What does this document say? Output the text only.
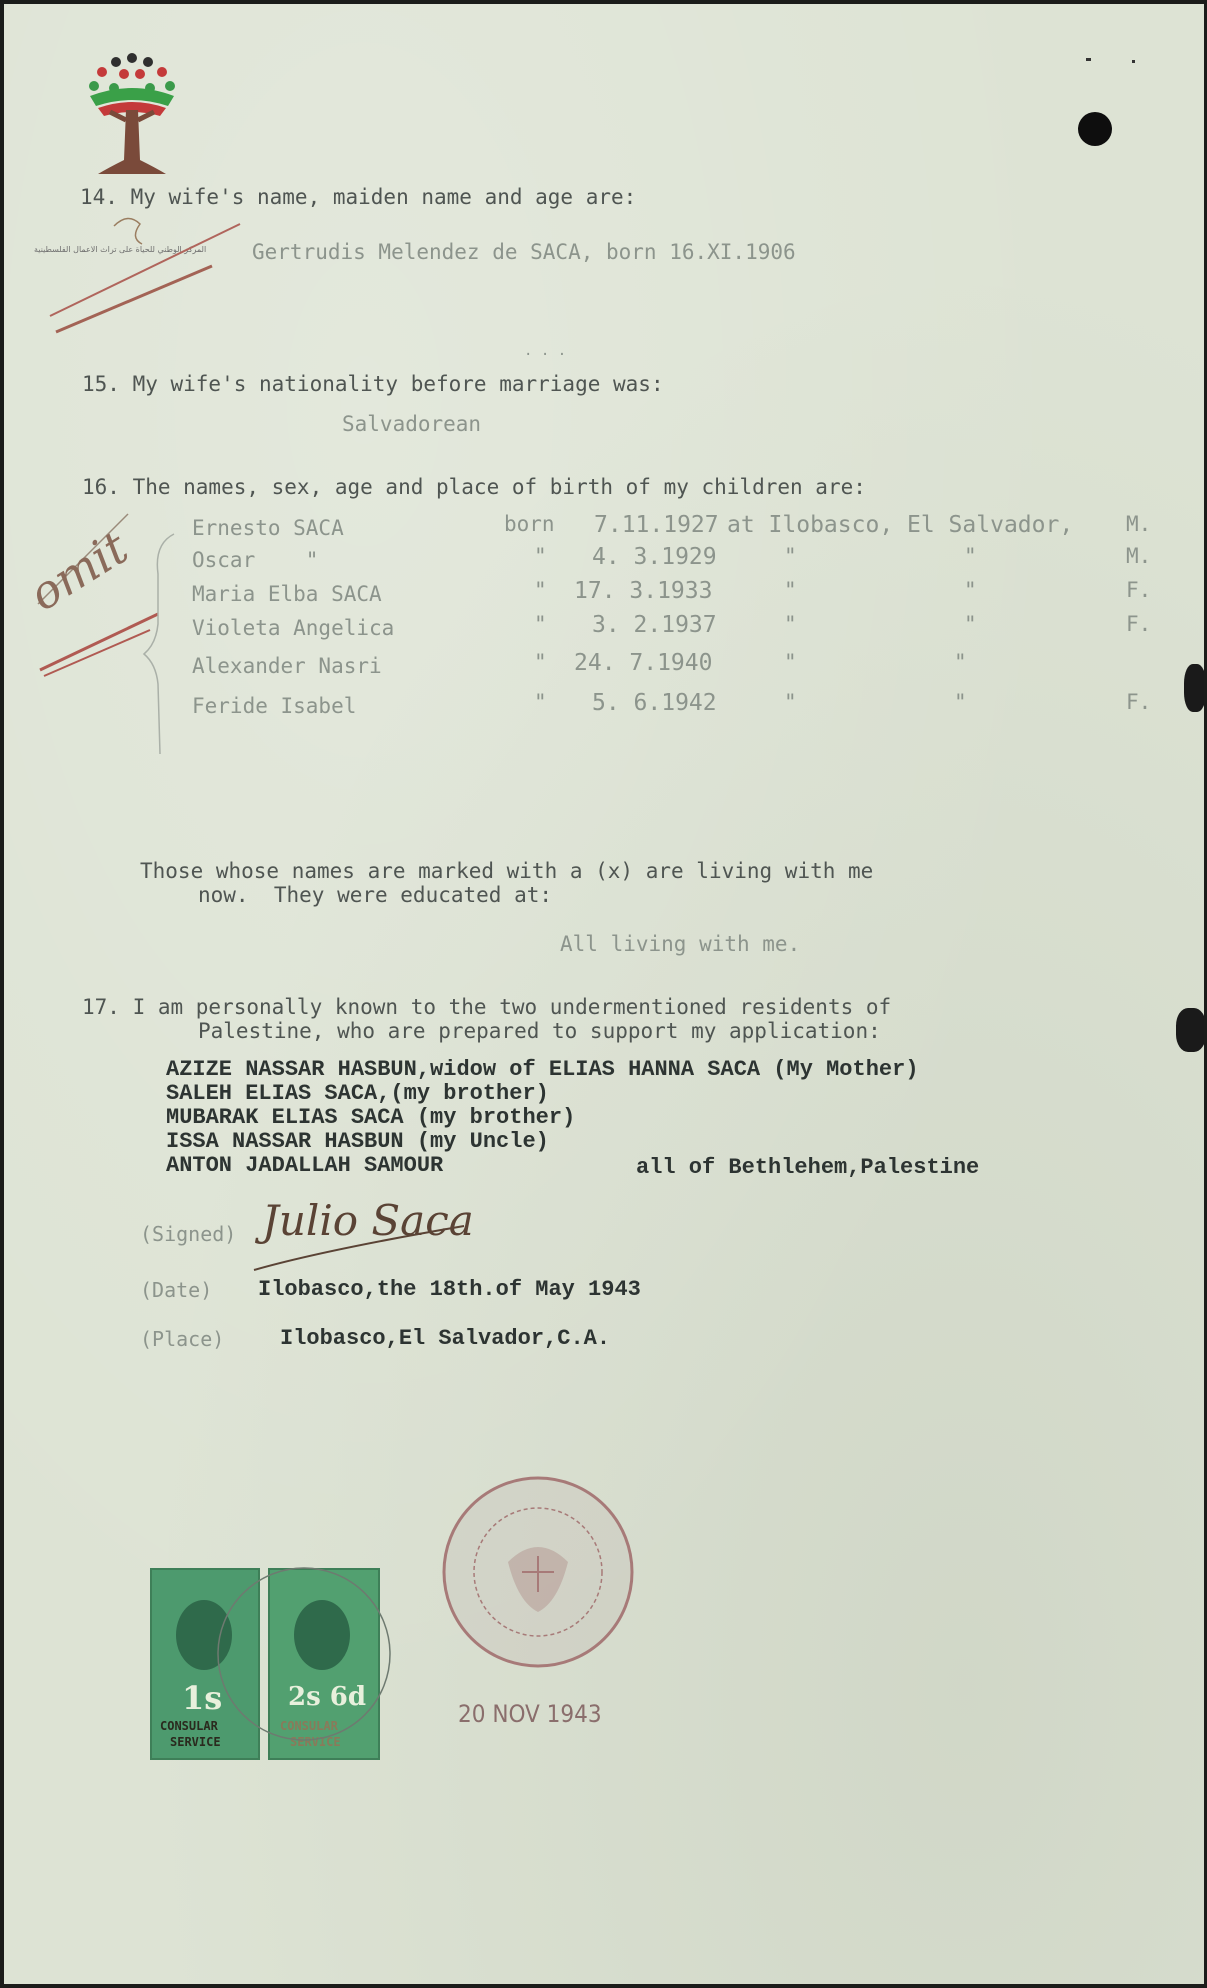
المركز الوطني للحياة على تراث الاعمال الفلسطينية
14. My wife's name, maiden name and age are:
Gertrudis Melendez de SACA, born 16.XI.1906
. . .
15. My wife's nationality before marriage was:
Salvadorean
16. The names, sex, age and place of birth of my children are:
omit	Ernesto SACA	born 7.11.1927 at Ilobasco, El Salvador,	M.
Oscar    "	" 4. 3.1929	"	"	M.
Maria Elba SACA	" 17. 3.1933	"	"	F.
Violeta Angelica	" 3. 2.1937	"	"	F.
Alexander Nasri	" 24. 7.1940	"	"
Feride Isabel	" 5. 6.1942	"	"	F.
Those whose names are marked with a (x) are living with me
now.  They were educated at:
All living with me.
17. I am personally known to the two undermentioned residents of
Palestine, who are prepared to support my application:
AZIZE NASSAR HASBUN,widow of ELIAS HANNA SACA (My Mother)
SALEH ELIAS SACA,(my brother)
MUBARAK ELIAS SACA (my brother)
ISSA NASSAR HASBUN (my Uncle)
ANTON JADALLAH SAMOUR	all of Bethlehem,Palestine
(Signed) Julio Saca
(Date) Ilobasco,the 18th.of May 1943
(Place)	Ilobasco,El Salvador,C.A.
1s
CONSULAR
SERVICE
2s 6d
CONSULAR
SERVICE
20 NOV 1943
